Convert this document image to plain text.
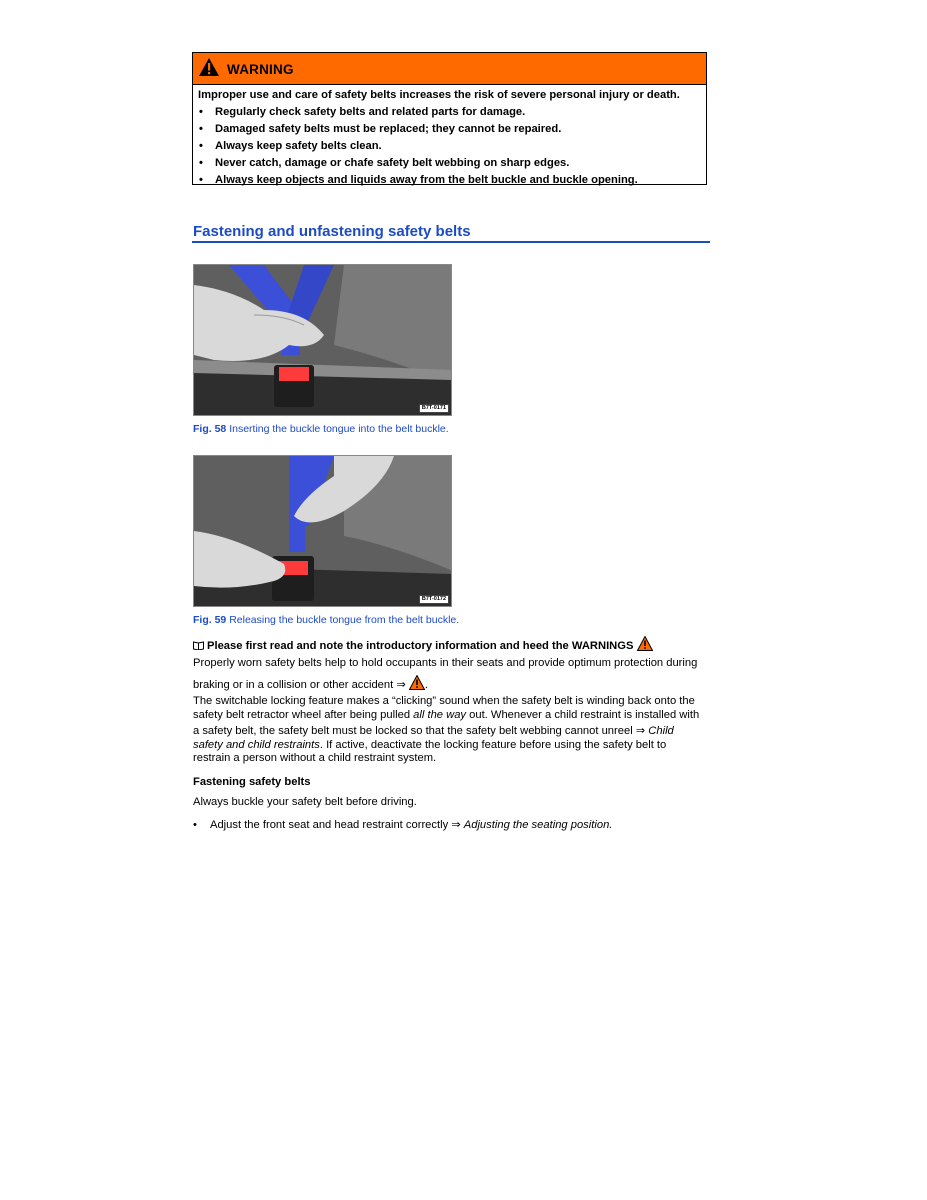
WARNING
Improper use and care of safety belts increases the risk of severe personal injury or death.
• Regularly check safety belts and related parts for damage.
• Damaged safety belts must be replaced; they cannot be repaired.
• Always keep safety belts clean.
• Never catch, damage or chafe safety belt webbing on sharp edges.
• Always keep objects and liquids away from the belt buckle and buckle opening.
Fastening and unfastening safety belts
B7T-0171
Fig. 58 Inserting the buckle tongue into the belt buckle.
B7T-0172
Fig. 59 Releasing the buckle tongue from the belt buckle.
Please first read and note the introductory information and heed the WARNINGS
Properly worn safety belts help to hold occupants in their seats and provide optimum protection during
braking or in a collision or other accident ⇒ .
The switchable locking feature makes a “clicking” sound when the safety belt is winding back onto the
safety belt retractor wheel after being pulled all the way out. Whenever a child restraint is installed with
a safety belt, the safety belt must be locked so that the safety belt webbing cannot unreel ⇒ Child
safety and child restraints. If active, deactivate the locking feature before using the safety belt to
restrain a person without a child restraint system.
Fastening safety belts
Always buckle your safety belt before driving.
• Adjust the front seat and head restraint correctly ⇒ Adjusting the seating position.
